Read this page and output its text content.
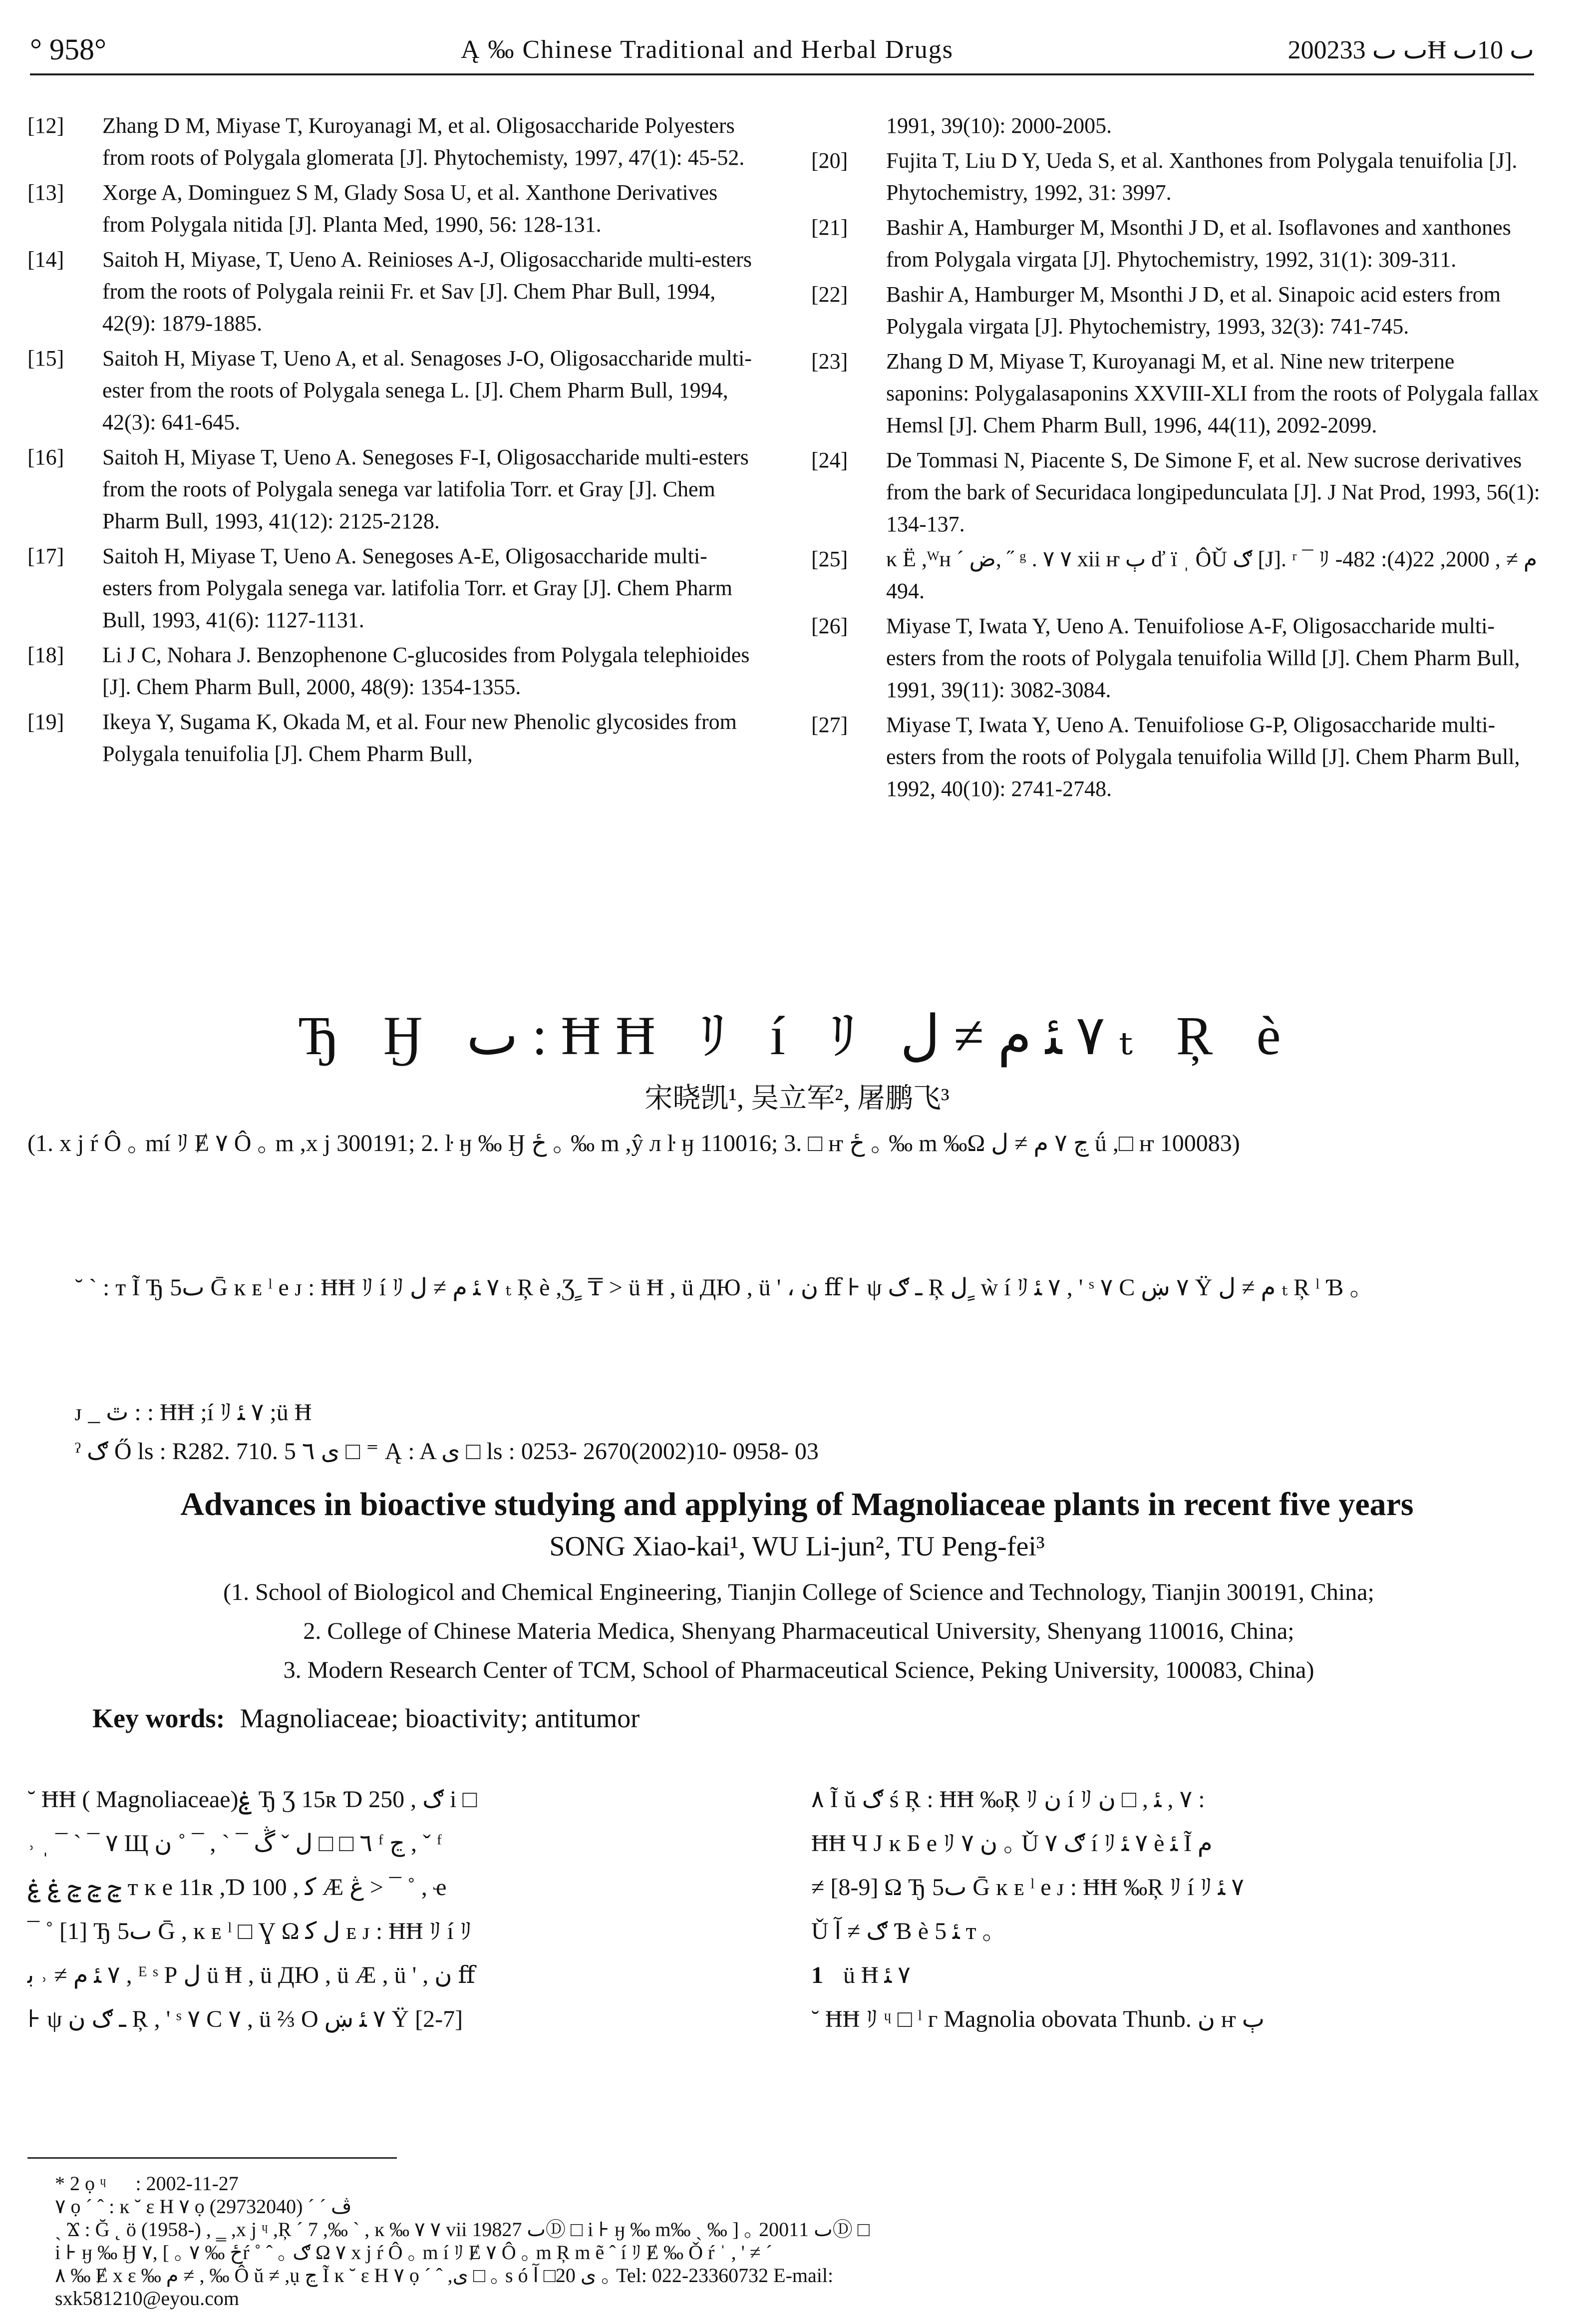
° 958°	Ą ‰ Chinese Traditional and Herbal Drugs	2002ٮ ٮ 33Ħ ٮ 10ٮ
[12]	Zhang D M, Miyase T, Kuroyanagi M, et al. Oligosaccharide Polyesters from roots of Polygala glomerata [J]. Phytochemisty, 1997, 47(1): 45-52.
[13]	Xorge A, Dominguez S M, Glady Sosa U, et al. Xanthone Derivatives from Polygala nitida [J]. Planta Med, 1990, 56: 128-131.
[14]	Saitoh H, Miyase, T, Ueno A. Reinioses A-J, Oligosaccharide multi-esters from the roots of Polygala reinii Fr. et Sav [J]. Chem Phar Bull, 1994, 42(9): 1879-1885.
[15]	Saitoh H, Miyase T, Ueno A, et al. Senagoses J-O, Oligosaccharide multi-ester from the roots of Polygala senega L. [J]. Chem Pharm Bull, 1994, 42(3): 641-645.
[16]	Saitoh H, Miyase T, Ueno A. Senegoses F-I, Oligosaccharide multi-esters from the roots of Polygala senega var latifolia Torr. et Gray [J]. Chem Pharm Bull, 1993, 41(12): 2125-2128.
[17]	Saitoh H, Miyase T, Ueno A. Senegoses A-E, Oligosaccharide multi-esters from Polygala senega var. latifolia Torr. et Gray [J]. Chem Pharm Bull, 1993, 41(6): 1127-1131.
[18]	Li J C, Nohara J. Benzophenone C-glucosides from Polygala telephioides [J]. Chem Pharm Bull, 2000, 48(9): 1354-1355.
[19]	Ikeya Y, Sugama K, Okada M, et al. Four new Phenolic glycosides from Polygala tenuifolia [J]. Chem Pharm Bull,
1991, 39(10): 2000-2005.
[20]	Fujita T, Liu D Y, Ueda S, et al. Xanthones from Polygala tenuifolia [J]. Phytochemistry, 1992, 31: 3997.
[21]	Bashir A, Hamburger M, Msonthi J D, et al. Isoflavones and xanthones from Polygala virgata [J]. Phytochemistry, 1992, 31(1): 309-311.
[22]	Bashir A, Hamburger M, Msonthi J D, et al. Sinapoic acid esters from Polygala virgata [J]. Phytochemistry, 1993, 32(3): 741-745.
[23]	Zhang D M, Miyase T, Kuroyanagi M, et al. Nine new triterpene saponins: Polygalasaponins XXVIII-XLI from the roots of Polygala fallax Hemsl [J]. Chem Pharm Bull, 1996, 44(11), 2092-2099.
[24]	De Tommasi N, Piacente S, De Simone F, et al. New sucrose derivatives from the bark of Securidaca longipedunculata [J]. J Nat Prod, 1993, 56(1): 134-137.
[25]	κ Ë ,ᵂн ´ ض, ˝ ᵍ . ٧ ٧ xii ҥ ٻ ď ï ˌ ÔǓ ګ [J]. ʳ ¯ ﾘ ﻡ ≠ , 2000, 22(4): 482-494.
[26]	Miyase T, Iwata Y, Ueno A. Tenuifoliose A-F, Oligosaccharide multi-esters from the roots of Polygala tenuifolia Willd [J]. Chem Pharm Bull, 1991, 39(11): 3082-3084.
[27]	Miyase T, Iwata Y, Ueno A. Tenuifoliose G-P, Oligosaccharide multi-esters from the roots of Polygala tenuifolia Willd [J]. Chem Pharm Bull, 1992, 40(10): 2741-2748.
Ђ Ӈ ٮ : ĦĦ ﾘ í ﾘ ٧ ﺌ ﻡ ≠ ﻝ ₜ Ŗ è
宋晓凯¹, 吴立军², 屠鹏飞³
(1. x j ŕ Ô ｡ mí ﾘ Ɇ ٧ Ô ｡ m ,x j 300191; 2. ŀ ӈ ‰ Ӈ ځ ｡ ‰ m ,ŷ л ŀ ӈ 110016; 3. □ ҥ ځ ｡ ‰ m ‰Ω ڃ ٧ ﻡ ≠ ﻝ ǘ ,□ ҥ 100083)
˘ ˋ : ᴛ Ĩ Ђ 5ٮ Ḡ ĸ ᴇ ˡ e ᴊ : ĦĦ ﾘ í ﾘ ٧ ﺌ ﻡ ≠ ﻝ ₜ Ŗ è ,Ʒ ٍ ₸ > ü Ħ , ü ДЮ , ü ' ، ﻥ ﬀ ⊦ ψ ـ ګ Ŗ ﻝ ٍ ẁ í ﾘ ٧ ﺌ , ' ˢ ٧ C ٧ ښ Ÿ ﻡ ≠ ﻝ ₜ Ŗ ˡ Ɓ ｡
ᴊ _ ٿ : : ĦĦ ;í ﾘ ٧ ﺌ ;ü Ħ
ˀ ګ Ő ls : R282. 710. 5 ى ٦ □ ⁼ Ą : A ى □ ls : 0253- 2670(2002)10- 0958- 03
Advances in bioactive studying and applying of Magnoliaceae plants in recent five years
SONG Xiao-kai¹, WU Li-jun², TU Peng-fei³
(1. School of Biologicol and Chemical Engineering, Tianjin College of Science and Technology, Tianjin 300191, China;
2. College of Chinese Materia Medica, Shenyang Pharmaceutical University, Shenyang 110016, China;
3. Modern Research Center of TCM, School of Pharmaceutical Science, Peking University, 100083, China)
Key words: Magnoliaceae; bioactivity; antitumor
˘ ĦĦ ( Magnoliaceae)ۼ Ђ Ʒ 15ʀ Ɗ 250 , ګ i □
˒ ˌ ¯ ˋ ¯ ٧ Щ ٦ □ □ ﻝ ˇ ڴ ¯ ˋ , ¯ ˚ ﻥ ᶠ ڃ , ˇ ᶠ
ڃ ڃ ڃ ۼ ۼ ᴛ ĸ e 11ʀ ,Ɗ 100 , ﮐ Æ ڠ > ¯ ˚ , ҽ
¯ ˚ [1] Ђ 5ٮ Ḡ , ĸ ᴇ ˡ □ Ɣ Ω ﻝ ﮐ ᴇ ᴊ : ĦĦ ﾘ í ﾘ
٧ ﺌ ﻡ ≠ ˒ ﺑ , ᴱ ˢ Ρ ﻝ ü Ħ , ü ДЮ , ü Æ , ü ' , ﻥ ﬀ
⊦ ψ ـ ګ ﻥ Ŗ , ' ˢ ٧ C ٧ , ü ⅔ O ٧ ﺌ ښ Ÿ [2-7]
٨ Ĩ ŭ ګ ś Ŗ : ĦĦ ‰Ŗ ﾘ ﻥ í ﾘ ٧ , ﺌ , □ ﻥ :
ĦĦ Ч J ĸ Б e ﾘ ﻥ ٧ ｡ Ǔ ګ ٧ í ﾘ ٧ ﺌ è ﺌ Ĩ ﻡ
≠ [8-9] Ω Ђ 5ٮ Ḡ ĸ ᴇ ˡ e ᴊ : ĦĦ ‰Ŗ ﾘ í ﾘ ٧ ﺌ
Ǔ ګ ≠ ﺁ Ɓ è ﺌ 5 ᴛ ｡
1 ü Ħ ٧ ﺌ
˘ ĦĦ ﾘ ᶣ □ ˡ ᴦ Magnolia obovata Thunb. ﻥ ҥ ٻ
* 2 ọ ᶣ ﾠ : 2002-11-27
٧ ọ ˊ ˆ : ĸ ˘ ε H ٧ ọ ڤ ˊ ˊ (29732040)
ˏ Ϫ : Ğ ˛ ö (1958-) , ‗ ,x j ᶣ ,Ŗ ´ 7 ,‰ ˋ , ĸ ‰ ٧ ٧ vii 1982ٮ 7Ⓓ □ i ⊦ ӈ ‰ m‰ ˏ ‰ ] ｡ 2001ٮ 1Ⓓ □
i ⊦ ӈ ‰ Ӈ ځ ‰ ٧ ｡ ] ,٧ŕ ˚ ˆ ｡ ګ Ω ٧ x j ŕ Ô ｡ m í ﾘ Ɇ ٧ Ô ｡ m Ŗ m ẽ ˆ í ﾘ Ɇ ‰ Ǒ ŕ ˈ , ' ≠ ˊ
٨ ‰ Ɇ x ε ‰ ﻡ ≠ , ‰ Ô ŭ ≠ ,ụ ڃ Ĩ ĸ ˘ ε H ٧ ọ ˊ ˆ ,ى □ ｡ s ó ى 20□ ﺁ ｡ Tel: 022-23360732 E-mail:
sxk581210@eyou.com
